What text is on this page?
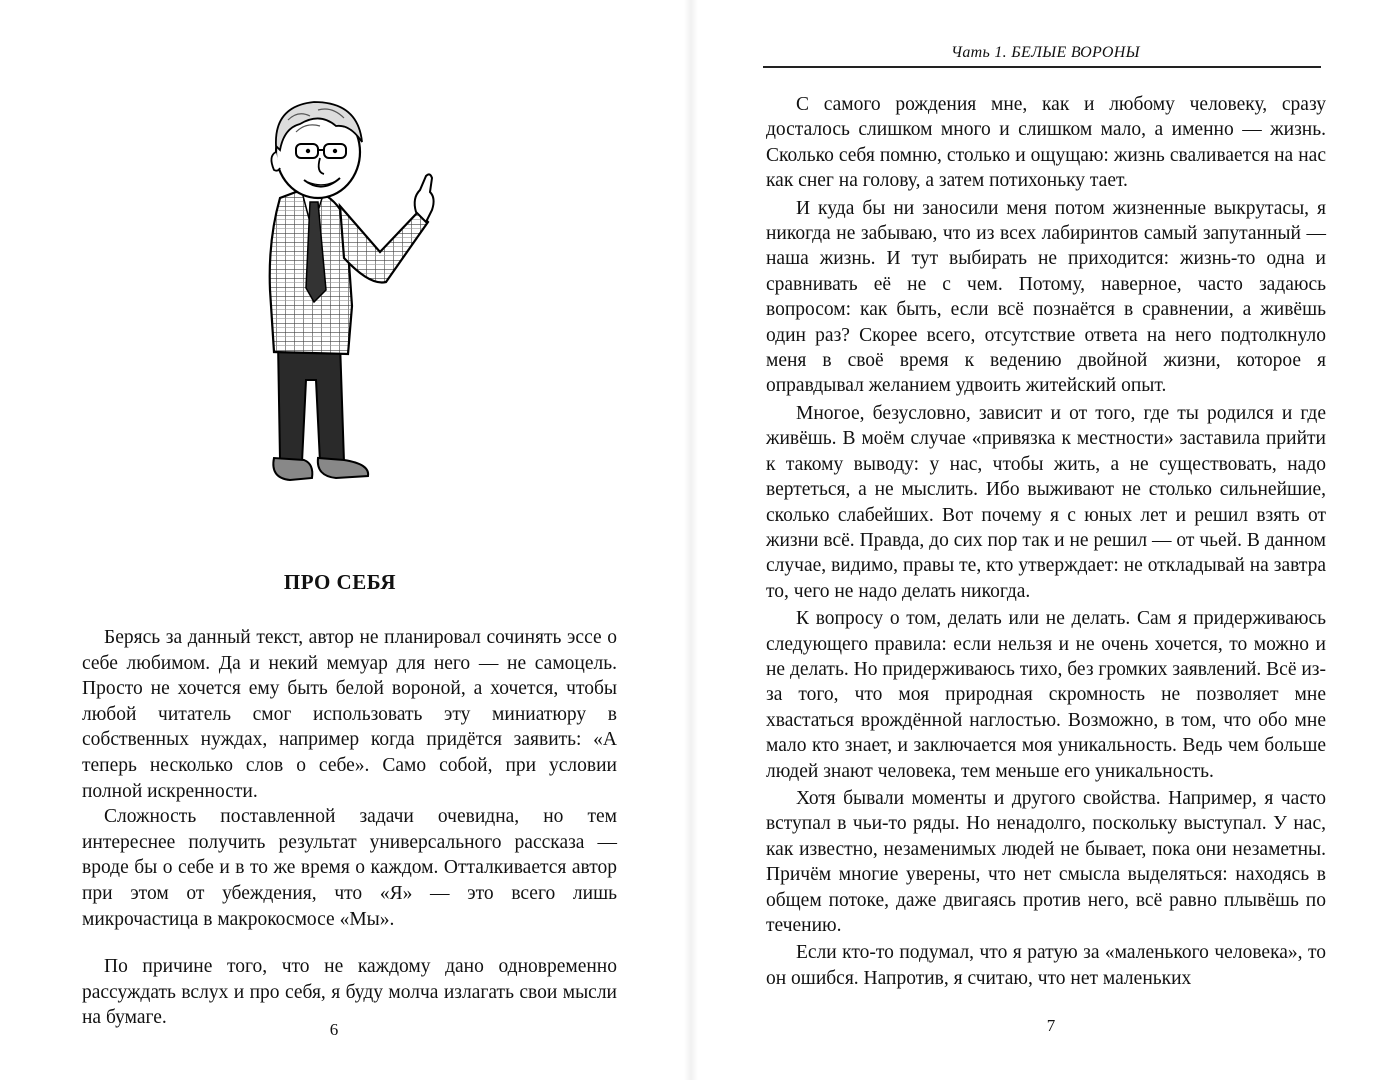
ПРО СЕБЯ

Берясь за данный текст, автор не планировал сочинять эссе о себе любимом. Да и некий мемуар для него — не самоцель. Просто не хочется ему быть белой вороной, а хочется, чтобы любой читатель смог использовать эту миниатюру в собственных нуждах, например когда придётся заявить: «А теперь несколько слов о себе». Само собой, при условии полной искренности.

Сложность поставленной задачи очевидна, но тем интереснее получить результат универсального рассказа — вроде бы о себе и в то же время о каждом. Отталкивается автор при этом от убеждения, что «Я» — это всего лишь микрочастица в макрокосмосе «Мы».

По причине того, что не каждому дано одновременно рассуждать вслух и про себя, я буду молча излагать свои мысли на бумаге.

6
Чать 1. БЕЛЫЕ ВОРОНЫ

С самого рождения мне, как и любому человеку, сразу досталось слишком много и слишком мало, а именно — жизнь. Сколько себя помню, столько и ощущаю: жизнь сваливается на нас как снег на голову, а затем потихоньку тает.

И куда бы ни заносили меня потом жизненные выкрутасы, я никогда не забываю, что из всех лабиринтов самый запутанный — наша жизнь. И тут выбирать не приходится: жизнь-то одна и сравнивать её не с чем. Потому, наверное, часто задаюсь вопросом: как быть, если всё познаётся в сравнении, а живёшь один раз? Скорее всего, отсутствие ответа на него подтолкнуло меня в своё время к ведению двойной жизни, которое я оправдывал желанием удвоить житейский опыт.

Многое, безусловно, зависит и от того, где ты родился и где живёшь. В моём случае «привязка к местности» заставила прийти к такому выводу: у нас, чтобы жить, а не существовать, надо вертеться, а не мыслить. Ибо выживают не столько сильнейшие, сколько слабейших. Вот почему я с юных лет и решил взять от жизни всё. Правда, до сих пор так и не решил — от чьей. В данном случае, видимо, правы те, кто утверждает: не откладывай на завтра то, чего не надо делать никогда.

К вопросу о том, делать или не делать. Сам я придерживаюсь следующего правила: если нельзя и не очень хочется, то можно и не делать. Но придерживаюсь тихо, без громких заявлений. Всё из-за того, что моя природная скромность не позволяет мне хвастаться врождённой наглостью. Возможно, в том, что обо мне мало кто знает, и заключается моя уникальность. Ведь чем больше людей знают человека, тем меньше его уникальность.

Хотя бывали моменты и другого свойства. Например, я часто вступал в чьи-то ряды. Но ненадолго, поскольку выступал. У нас, как известно, незаменимых людей не бывает, пока они незаметны. Причём многие уверены, что нет смысла выделяться: находясь в общем потоке, даже двигаясь против него, всё равно плывёшь по течению.

Если кто-то подумал, что я ратую за «маленького человека», то он ошибся. Напротив, я считаю, что нет маленьких

7
